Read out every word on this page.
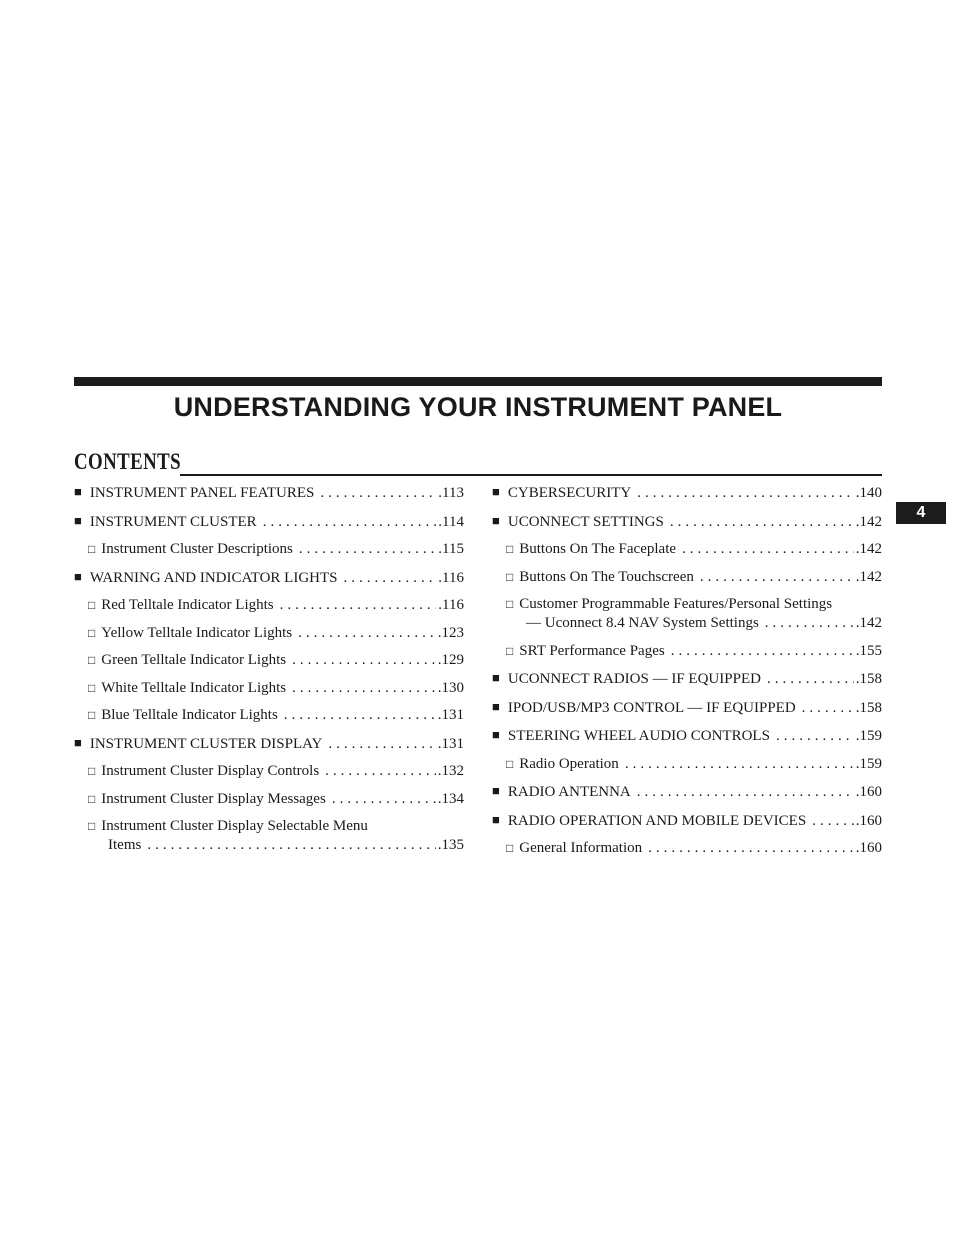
UNDERSTANDING YOUR INSTRUMENT PANEL
CONTENTS
■ INSTRUMENT PANEL FEATURES .....	.113
■ INSTRUMENT CLUSTER .....	.114
□ Instrument Cluster Descriptions .....	.115
■ WARNING AND INDICATOR LIGHTS .....	.116
□ Red Telltale Indicator Lights .....	.116
□ Yellow Telltale Indicator Lights .....	.123
□ Green Telltale Indicator Lights .....	.129
□ White Telltale Indicator Lights .....	.130
□ Blue Telltale Indicator Lights .....	.131
■ INSTRUMENT CLUSTER DISPLAY .....	.131
□ Instrument Cluster Display Controls .....	.132
□ Instrument Cluster Display Messages .....	.134
□ Instrument Cluster Display Selectable Menu
Items .....	.135
■ CYBERSECURITY .....	.140
■ UCONNECT SETTINGS .....	.142
□ Buttons On The Faceplate .....	.142
□ Buttons On The Touchscreen .....	.142
□ Customer Programmable Features/Personal Settings
— Uconnect 8.4 NAV System Settings .....	.142
□ SRT Performance Pages .....	.155
■ UCONNECT RADIOS — IF EQUIPPED .....	.158
■ IPOD/USB/MP3 CONTROL — IF EQUIPPED .....	.158
■ STEERING WHEEL AUDIO CONTROLS .....	.159
□ Radio Operation .....	.159
■ RADIO ANTENNA .....	.160
■ RADIO OPERATION AND MOBILE DEVICES .....	.160
□ General Information .....	.160
4
